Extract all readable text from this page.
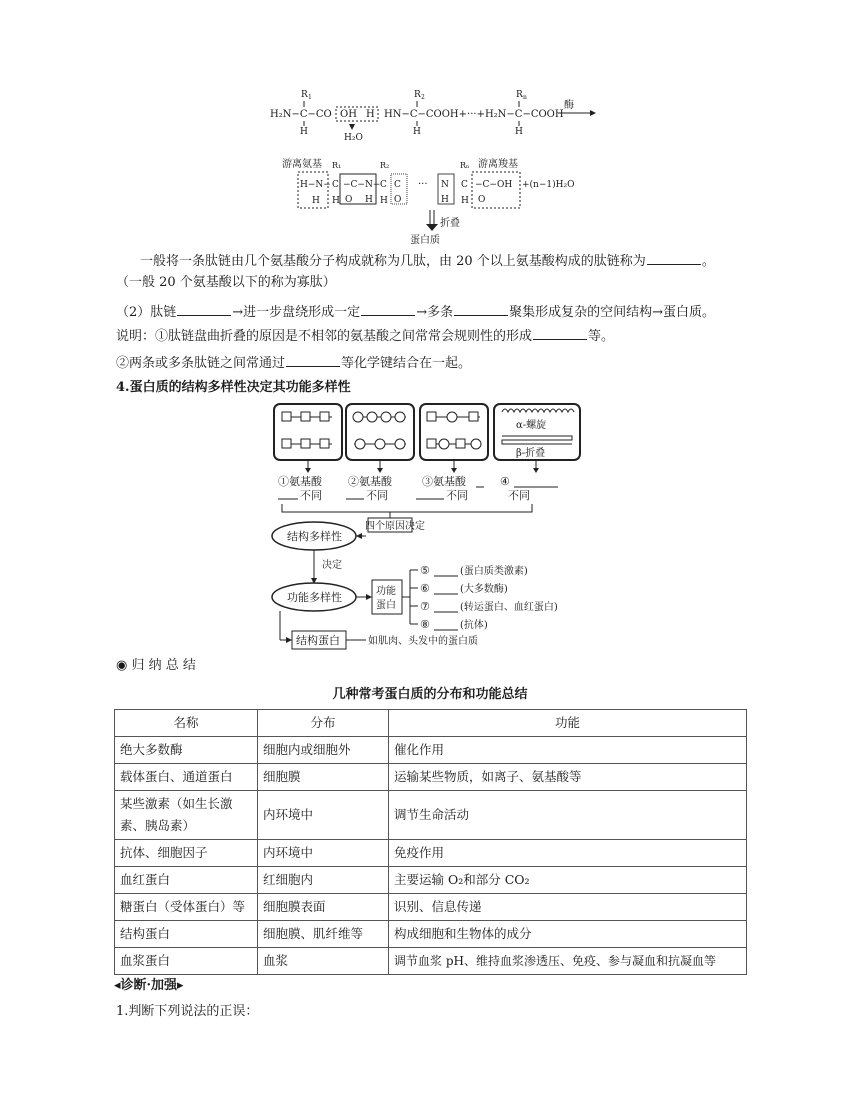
R 1	R 2	R n
H₂N−C−CO OH H HN−C−COOH+···+H₂N−C−COOH
H	H	H
H₂O
酶
游离氨基	游离羧基
H−N−
H
R₁
C
H
−C−N−
O H
R₂
C
H
C
O
··· N
H
Rₙ
C
H
−C−OH
O
+(n−1)H₂O
折叠
蛋白质
一般将一条肽链由几个氨基酸分子构成就称为几肽，由 20 个以上氨基酸构成的肽链称为	。
（一般 20 个氨基酸以下的称为寡肽）
（2）肽链	→进一步盘绕形成一定	→多条	聚集形成复杂的空间结构→蛋白质。
说明：①肽链盘曲折叠的原因是不相邻的氨基酸之间常常会规则性的形成	等。
②两条或多条肽链之间常通过	等化学键结合在一起。
4.蛋白质的结构多样性决定其功能多样性
α-螺旋
β-折叠
①氨基酸 ②氨基酸	③氨基酸	④
不同	不同	不同	不同
四个原因决定
结构多样性
决定
功能多样性	功能
蛋白
⑤	(蛋白质类激素)
⑥	(大多数酶)
⑦	(转运蛋白、血红蛋白)
⑧	(抗体)
结构蛋白	如肌肉、头发中的蛋白质
◉ 归 纳 总 结
几种常考蛋白质的分布和功能总结
名称	分布	功能
绝大多数酶	细胞内或细胞外	催化作用
载体蛋白、通道蛋白	细胞膜	运输某些物质，如离子、氨基酸等
某些激素（如生长激素、胰岛素）	内环境中	调节生命活动
抗体、细胞因子	内环境中	免疫作用
血红蛋白	红细胞内	主要运输 O₂和部分 CO₂
糖蛋白（受体蛋白）等	细胞膜表面	识别、信息传递
结构蛋白	细胞膜、肌纤维等	构成细胞和生物体的成分
血浆蛋白	血浆	调节血浆 pH、维持血浆渗透压、免疫、参与凝血和抗凝血等
◂诊断·加强▸
1.判断下列说法的正误：
